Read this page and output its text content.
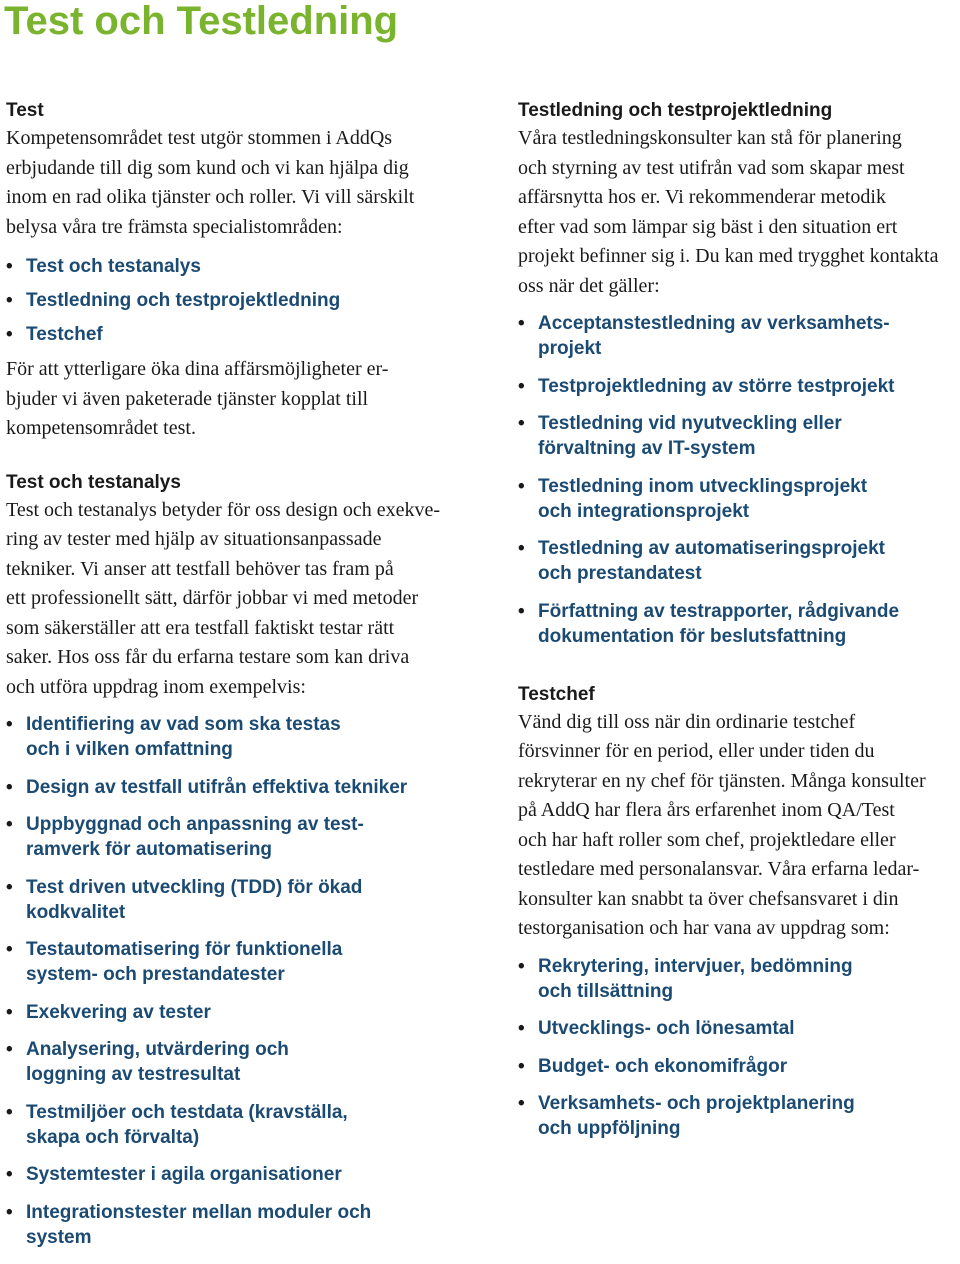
Test och Testledning
Test

Kompetensområdet test utgör stommen i AddQs
erbjudande till dig som kund och vi kan hjälpa dig
inom en rad olika tjänster och roller. Vi vill särskilt
belysa våra tre främsta specialistområden:

• Test och testanalys
• Testledning och testprojektledning
• Testchef

För att ytterligare öka dina affärsmöjligheter er-
bjuder vi även paketerade tjänster kopplat till
kompetensområdet test.

Test och testanalys

Test och testanalys betyder för oss design och exekve-
ring av tester med hjälp av situationsanpassade
tekniker. Vi anser att testfall behöver tas fram på
ett professionellt sätt, därför jobbar vi med metoder
som säkerställer att era testfall faktiskt testar rätt
saker. Hos oss får du erfarna testare som kan driva
och utföra uppdrag inom exempelvis:

• Identifiering av vad som ska testas
och i vilken omfattning
• Design av testfall utifrån effektiva tekniker
• Uppbyggnad och anpassning av test-
ramverk för automatisering
• Test driven utveckling (TDD) för ökad
kodkvalitet
• Testautomatisering för funktionella
system- och prestandatester
• Exekvering av tester
• Analysering, utvärdering och
loggning av testresultat
• Testmiljöer och testdata (kravställa,
skapa och förvalta)
• Systemtester i agila organisationer
• Integrationstester mellan moduler och
system
Testledning och testprojektledning

Våra testledningskonsulter kan stå för planering
och styrning av test utifrån vad som skapar mest
affärsnytta hos er. Vi rekommenderar metodik
efter vad som lämpar sig bäst i den situation ert
projekt befinner sig i. Du kan med trygghet kontakta
oss när det gäller:

• Acceptanstestledning av verksamhets-
projekt
• Testprojektledning av större testprojekt
• Testledning vid nyutveckling eller
förvaltning av IT-system
• Testledning inom utvecklingsprojekt
och integrationsprojekt
• Testledning av automatiseringsprojekt
och prestandatest
• Författning av testrapporter, rådgivande
dokumentation för beslutsfattning
Testchef

Vänd dig till oss när din ordinarie testchef
försvinner för en period, eller under tiden du
rekryterar en ny chef för tjänsten. Många konsulter
på AddQ har flera års erfarenhet inom QA/Test
och har haft roller som chef, projektledare eller
testledare med personalansvar. Våra erfarna ledar-
konsulter kan snabbt ta över chefsansvaret i din
testorganisation och har vana av uppdrag som:

• Rekrytering, intervjuer, bedömning
och tillsättning
• Utvecklings- och lönesamtal
• Budget- och ekonomifrågor
• Verksamhets- och projektplanering
och uppföljning
